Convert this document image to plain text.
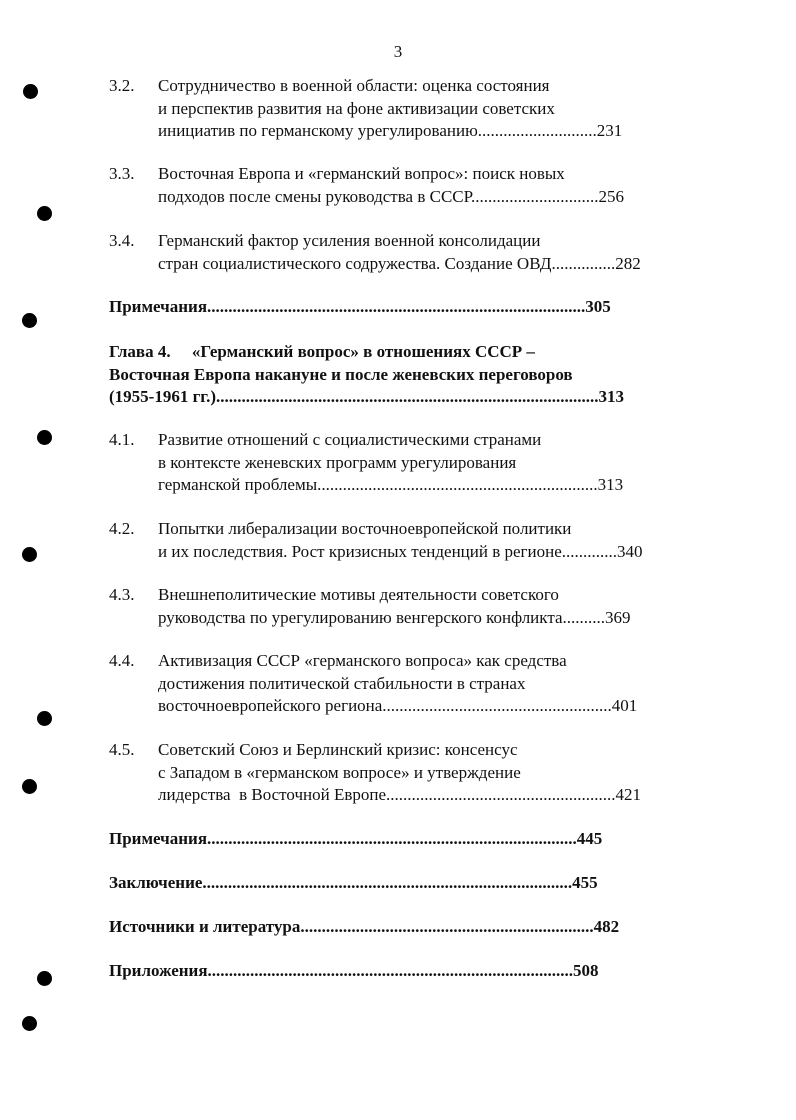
3
3.2.	Сотрудничество в военной области: оценка состояния
и перспектив развития на фоне активизации советских
инициатив по германскому урегулированию............................231
3.3.	Восточная Европа и «германский вопрос»: поиск новых
подходов после смены руководства в СССР..............................256
3.4.	Германский фактор усиления военной консолидации
стран социалистического содружества. Создание ОВД...............282
Примечания.........................................................................................305
Глава 4.     «Германский вопрос» в отношениях СССР –
Восточная Европа накануне и после женевских переговоров
(1955-1961 гг.)..........................................................................................313
4.1.	Развитие отношений с социалистическими странами
в контексте женевских программ урегулирования
германской проблемы..................................................................313
4.2.	Попытки либерализации восточноевропейской политики
и их последствия. Рост кризисных тенденций в регионе.............340
4.3.	Внешнеполитические мотивы деятельности советского
руководства по урегулированию венгерского конфликта..........369
4.4.	Активизация СССР «германского вопроса» как средства
достижения политической стабильности в странах
восточноевропейского региона......................................................401
4.5.	Советский Союз и Берлинский кризис: консенсус
с Западом в «германском вопросе» и утверждение
лидерства  в Восточной Европе......................................................421
Примечания.......................................................................................445
Заключение.......................................................................................455
Источники и литература.....................................................................482
Приложения......................................................................................508
